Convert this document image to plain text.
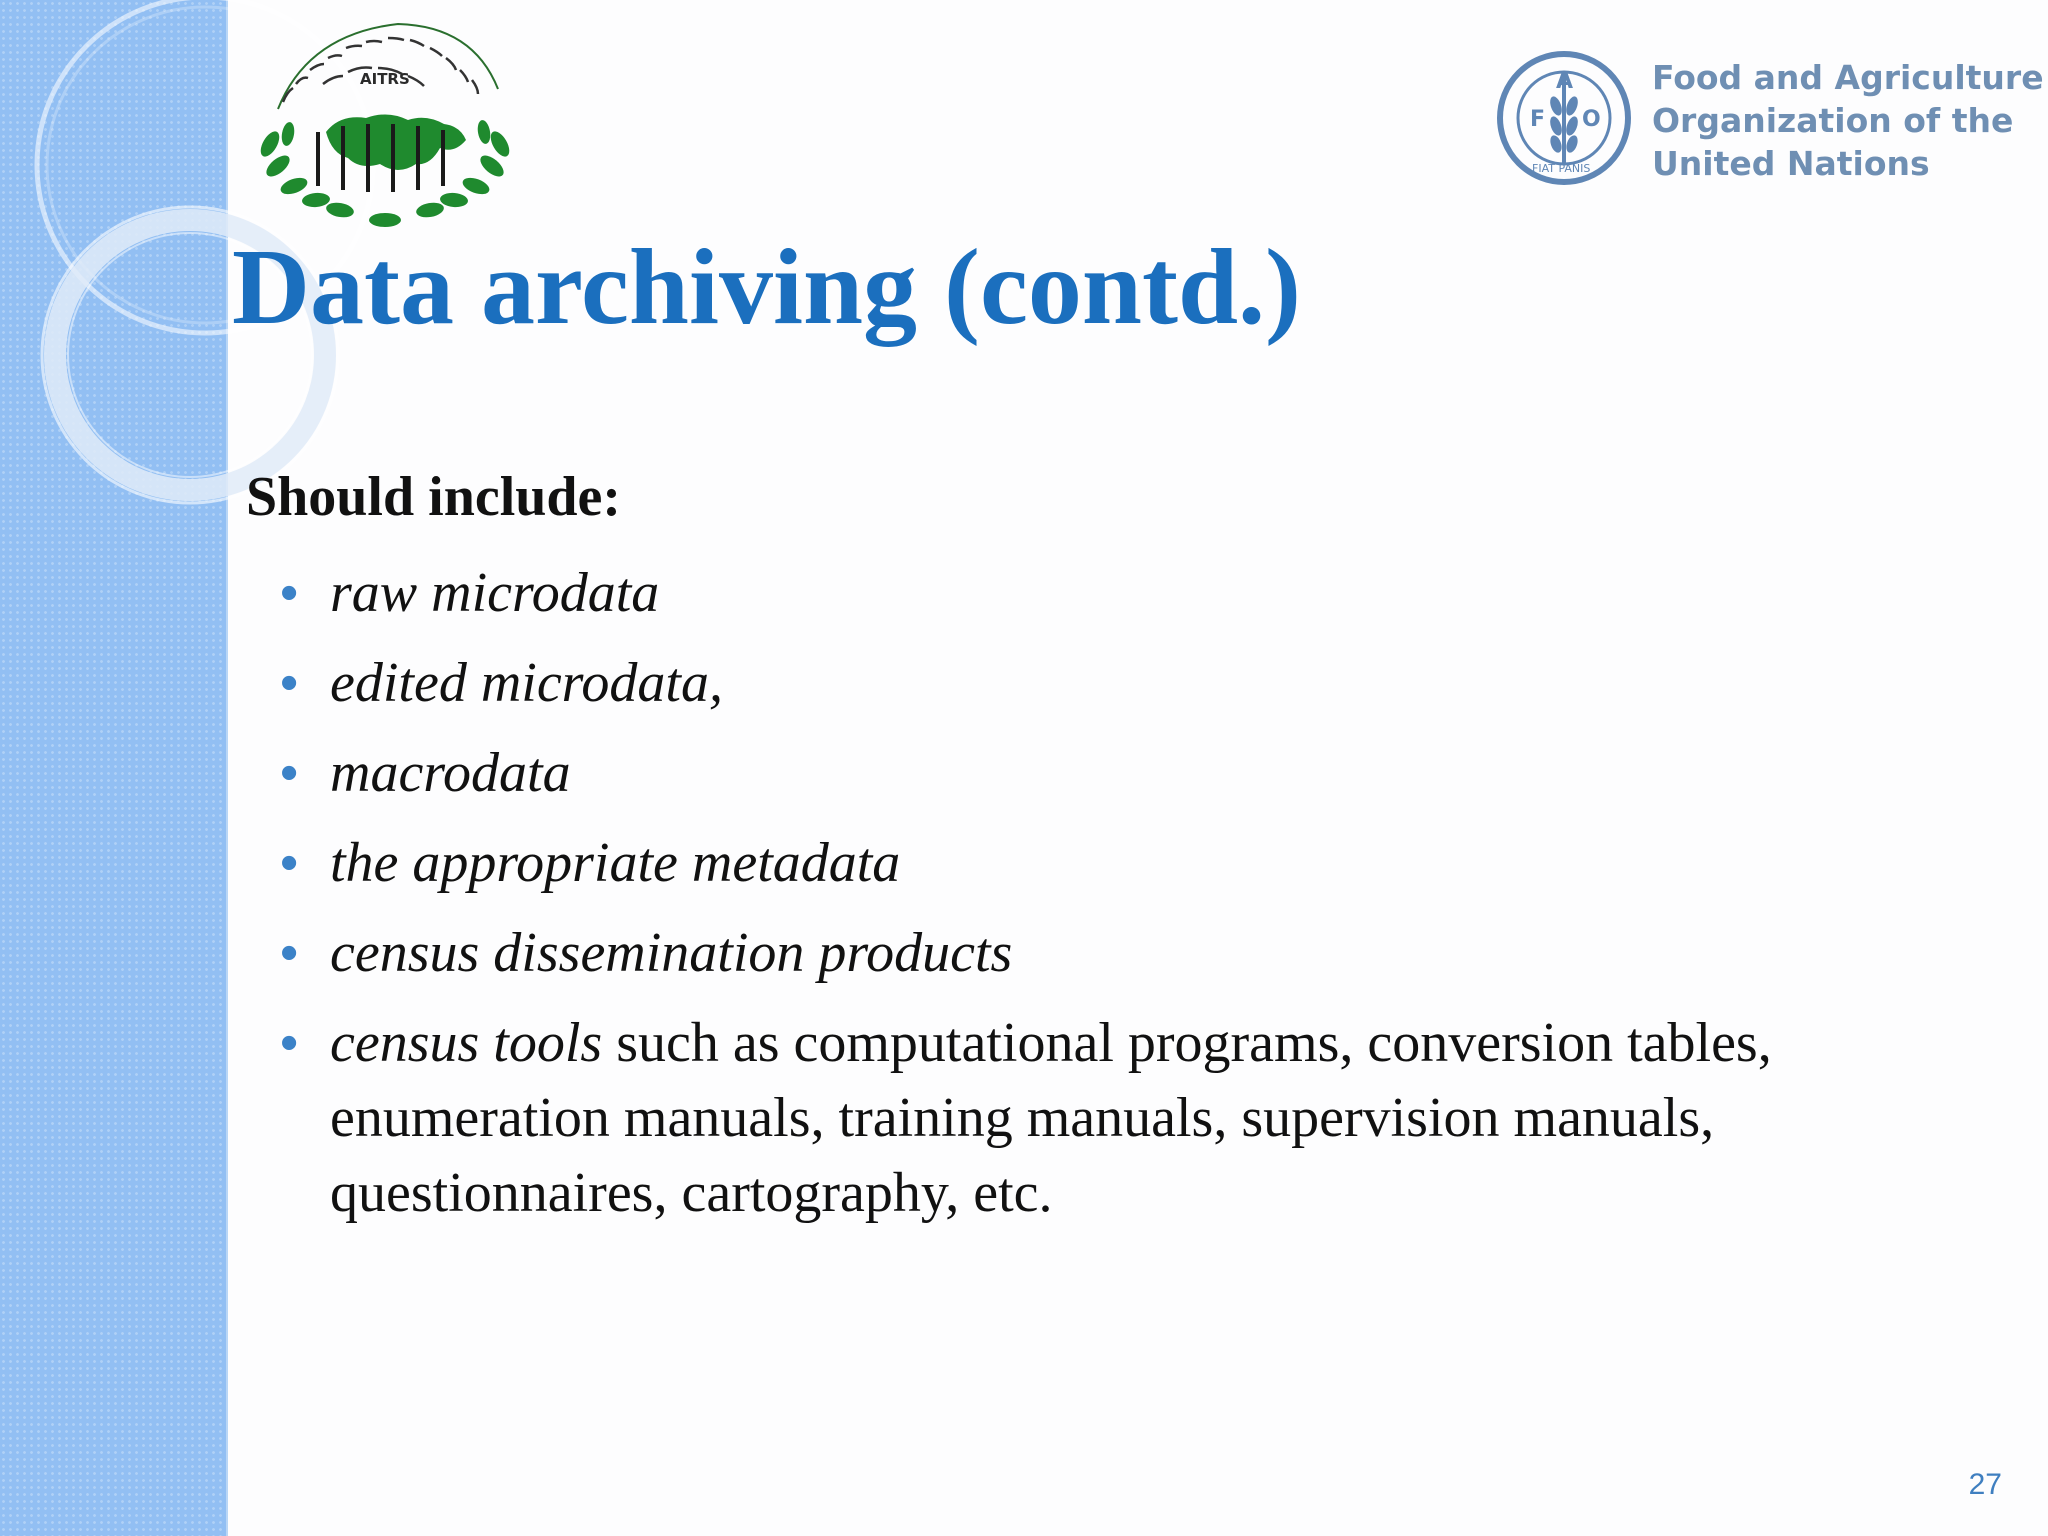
AITRS
F
A
O
FIAT PANIS
Food and Agriculture
Organization of the
United Nations
Data archiving (contd.)
Should include:
• raw microdata
• edited microdata,
• macrodata
• the appropriate metadata
• census dissemination products
• census tools such as computational programs, conversion tables, enumeration manuals, training manuals, supervision manuals, questionnaires, cartography, etc.
27
